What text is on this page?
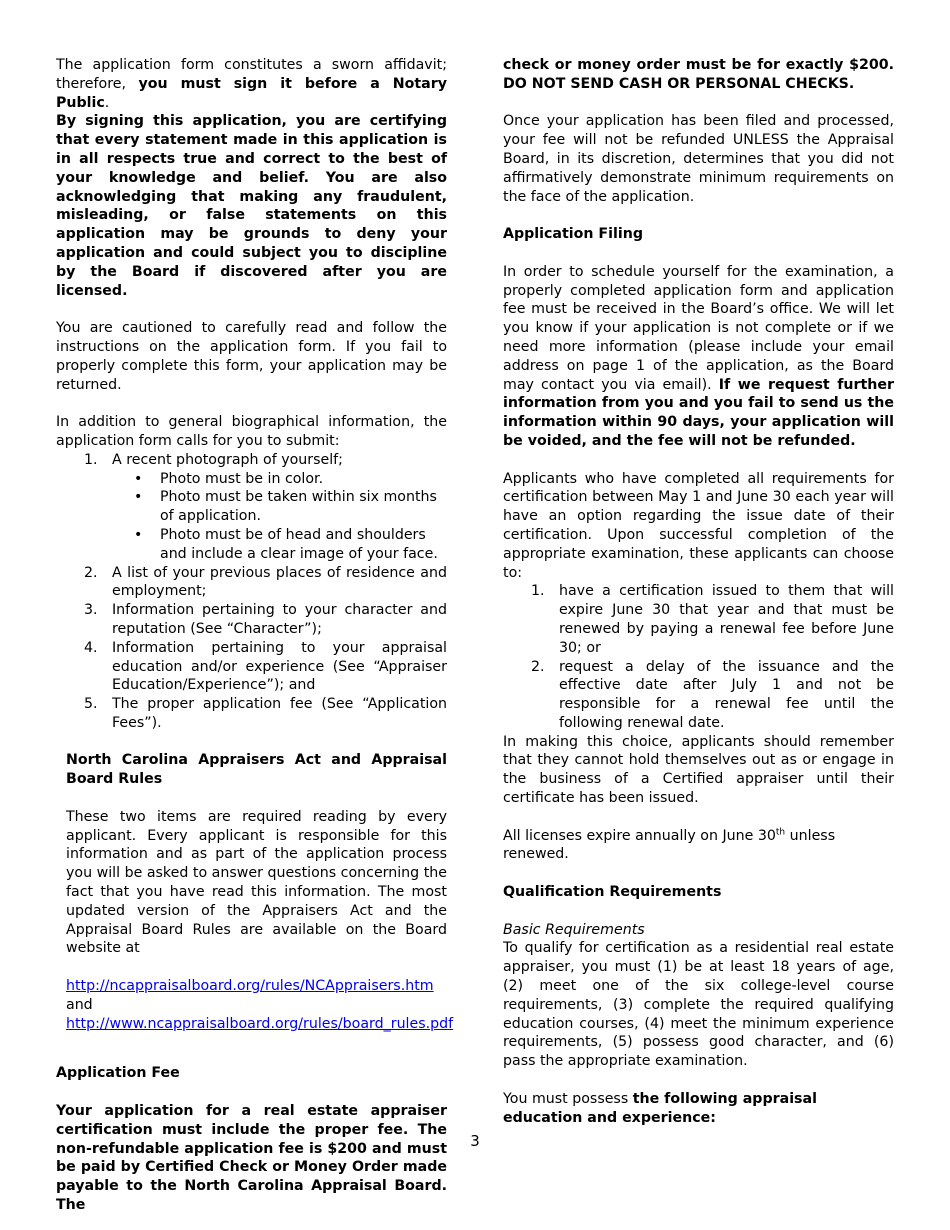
The application form constitutes a sworn affidavit; therefore, you must sign it before a Notary Public.

By signing this application, you are certifying that every statement made in this application is in all respects true and correct to the best of your knowledge and belief. You are also acknowledging that making any fraudulent, misleading, or false statements on this application may be grounds to deny your application and could subject you to discipline by the Board if discovered after you are licensed.

You are cautioned to carefully read and follow the instructions on the application form. If you fail to properly complete this form, your application may be returned.

In addition to general biographical information, the application form calls for you to submit:

1. A recent photograph of yourself;
• Photo must be in color.
• Photo must be taken within six months of application.
• Photo must be of head and shoulders and include a clear image of your face.
2. A list of your previous places of residence and employment;
3. Information pertaining to your character and reputation (See “Character”);
4. Information pertaining to your appraisal education and/or experience (See “Appraiser Education/Experience”); and
5. The proper application fee (See “Application Fees”).

North Carolina Appraisers Act and Appraisal Board Rules

These two items are required reading by every applicant. Every applicant is responsible for this information and as part of the application process you will be asked to answer questions concerning the fact that you have read this information. The most updated version of the Appraisers Act and the Appraisal Board Rules are available on the Board website at

http://ncappraisalboard.org/rules/NCAppraisers.htm
and
http://www.ncappraisalboard.org/rules/board_rules.pdf

Application Fee

Your application for a real estate appraiser certification must include the proper fee. The non-refundable application fee is $200 and must be paid by Certified Check or Money Order made payable to the North Carolina Appraisal Board. The

check or money order must be for exactly $200. DO NOT SEND CASH OR PERSONAL CHECKS.

Once your application has been filed and processed, your fee will not be refunded UNLESS the Appraisal Board, in its discretion, determines that you did not affirmatively demonstrate minimum requirements on the face of the application.

Application Filing

In order to schedule yourself for the examination, a properly completed application form and application fee must be received in the Board’s office. We will let you know if your application is not complete or if we need more information (please include your email address on page 1 of the application, as the Board may contact you via email). If we request further information from you and you fail to send us the information within 90 days, your application will be voided, and the fee will not be refunded.

Applicants who have completed all requirements for certification between May 1 and June 30 each year will have an option regarding the issue date of their certification. Upon successful completion of the appropriate examination, these applicants can choose to:

1. have a certification issued to them that will expire June 30 that year and that must be renewed by paying a renewal fee before June 30; or
2. request a delay of the issuance and the effective date after July 1 and not be responsible for a renewal fee until the following renewal date.

In making this choice, applicants should remember that they cannot hold themselves out as or engage in the business of a Certified appraiser until their certificate has been issued.

All licenses expire annually on June 30th unless renewed.

Qualification Requirements

Basic Requirements

To qualify for certification as a residential real estate appraiser, you must (1) be at least 18 years of age, (2) meet one of the six college-level course requirements, (3) complete the required qualifying education courses, (4) meet the minimum experience requirements, (5) possess good character, and (6) pass the appropriate examination.

You must possess the following appraisal education and experience:

3
